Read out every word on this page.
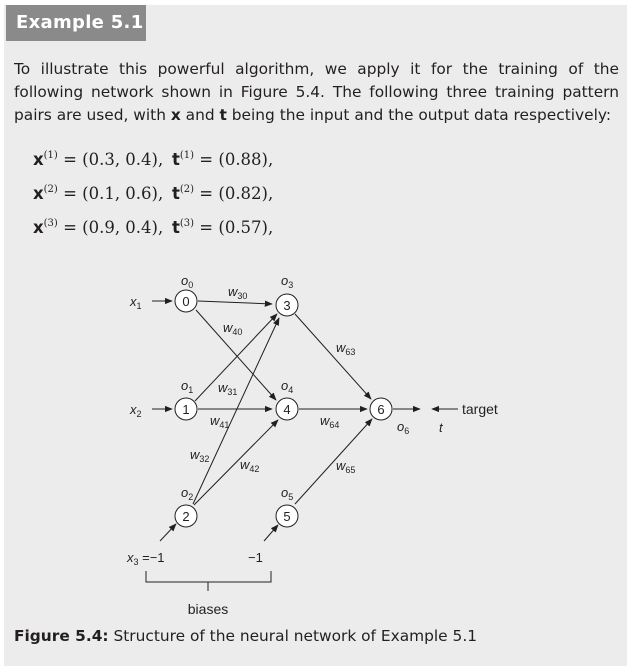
Example 5.1
To illustrate this powerful algorithm, we apply it for the training of the following network shown in Figure 5.4. The following three training pattern pairs are used, with x and t being the input and the output data respectively:
$x^{(1)} = (0.3$, 0.4), $t^{(1)} = (0.88)$,
$x^{(2)} = (0.1$, 0.6), $t^{(2)} = (0.82)$,
$x^{(3)} = (0.9$, 0.4), $t^{(3)} = (0.57)$,
0
1
2
3
4
5
6
$o_0$
$o_1$
$o_2$
$o_3$
$o_4$
$o_5$
$o_6$
$x_1$
$x_2$
$x_3 =-1$	−1
$w_{30}$
$w_{40}$
$w_{31}$
$w_{41}$
$w_{32}$ $w_{42}$
$w_{63}$
$w_{64}$
$w_{65}$
target
t
biases
Figure 5.4: Structure of the neural network of Example 5.1
